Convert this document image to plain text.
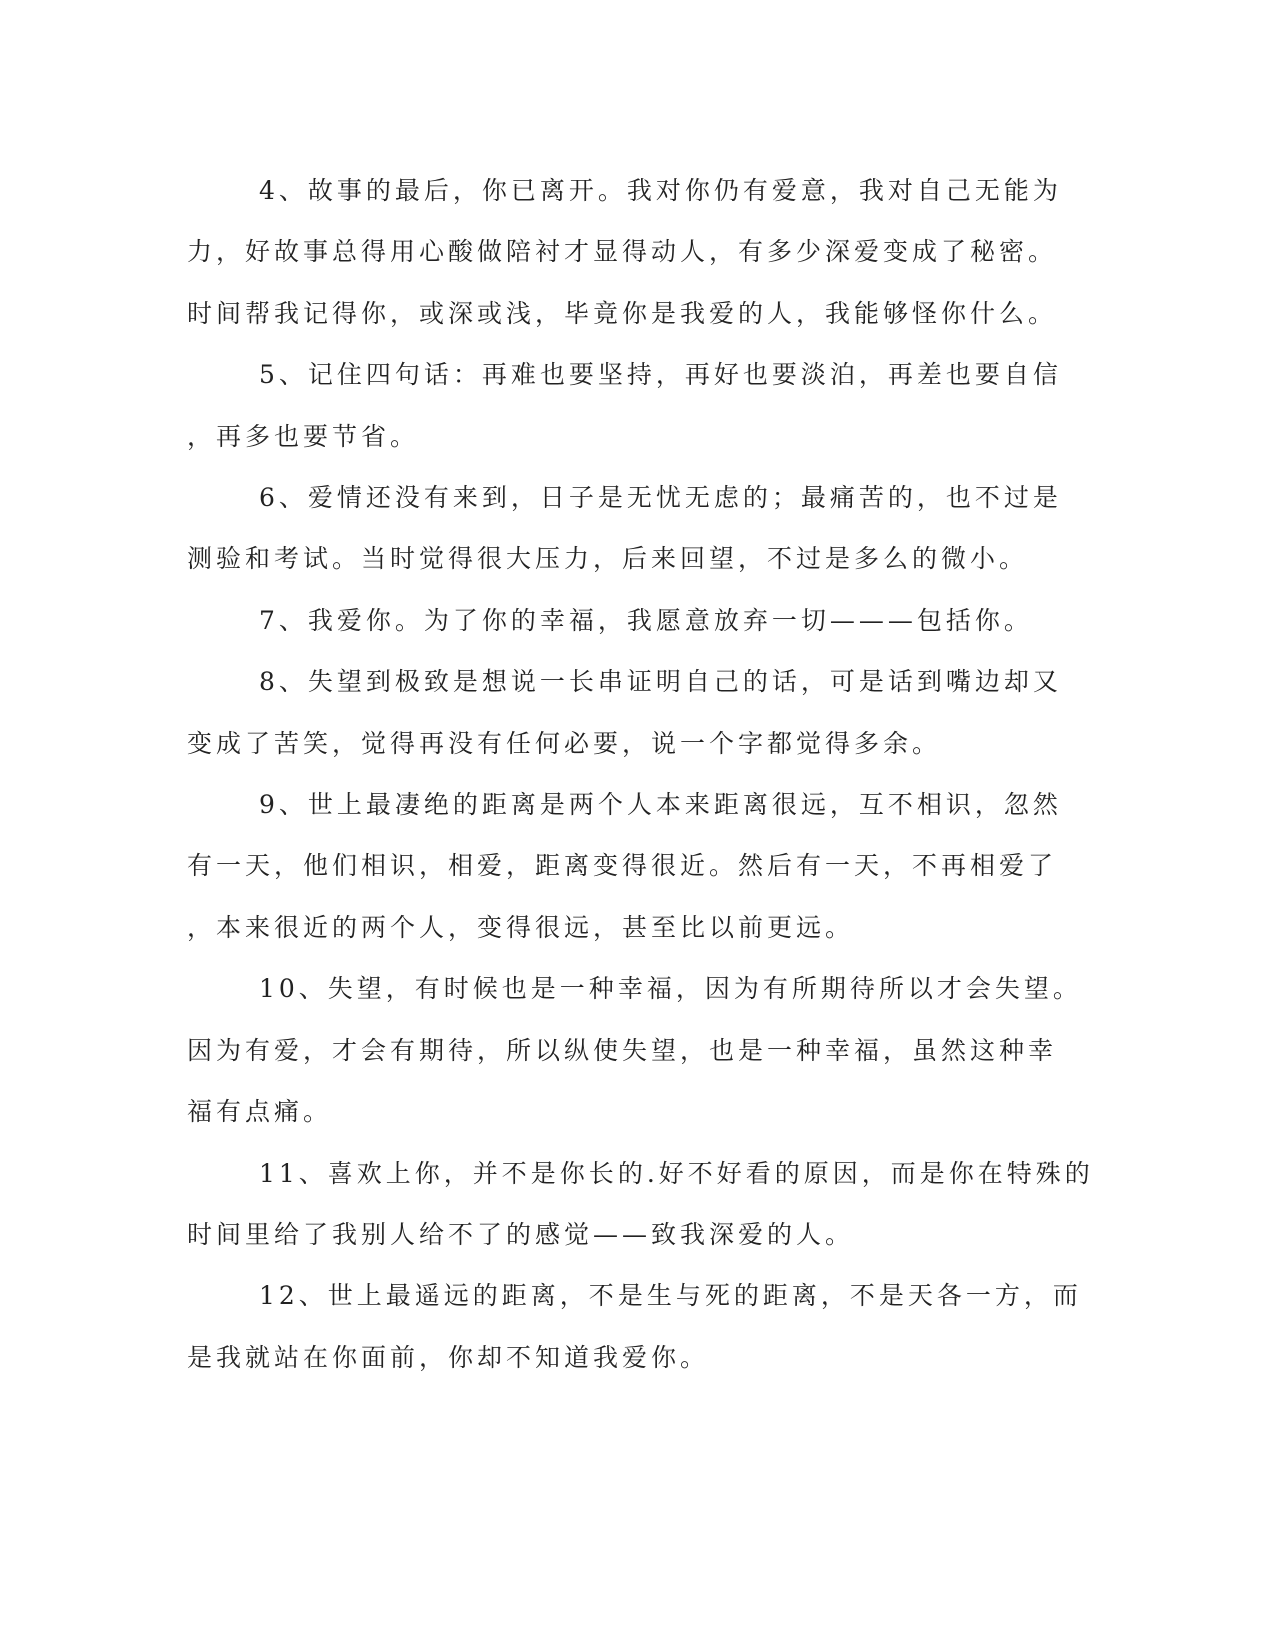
4、故事的最后，你已离开。我对你仍有爱意，我对自己无能为
力，好故事总得用心酸做陪衬才显得动人，有多少深爱变成了秘密。
时间帮我记得你，或深或浅，毕竟你是我爱的人，我能够怪你什么。

5、记住四句话：再难也要坚持，再好也要淡泊，再差也要自信
，再多也要节省。

6、爱情还没有来到，日子是无忧无虑的；最痛苦的，也不过是
测验和考试。当时觉得很大压力，后来回望，不过是多么的微小。

7、我爱你。为了你的幸福，我愿意放弃一切———包括你。

8、失望到极致是想说一长串证明自己的话，可是话到嘴边却又
变成了苦笑，觉得再没有任何必要，说一个字都觉得多余。

9、世上最凄绝的距离是两个人本来距离很远，互不相识，忽然
有一天，他们相识，相爱，距离变得很近。然后有一天，不再相爱了
，本来很近的两个人，变得很远，甚至比以前更远。

10、失望，有时候也是一种幸福，因为有所期待所以才会失望。
因为有爱，才会有期待，所以纵使失望，也是一种幸福，虽然这种幸
福有点痛。

11、喜欢上你，并不是你长的.好不好看的原因，而是你在特殊的
时间里给了我别人给不了的感觉——致我深爱的人。

12、世上最遥远的距离，不是生与死的距离，不是天各一方，而
是我就站在你面前，你却不知道我爱你。
